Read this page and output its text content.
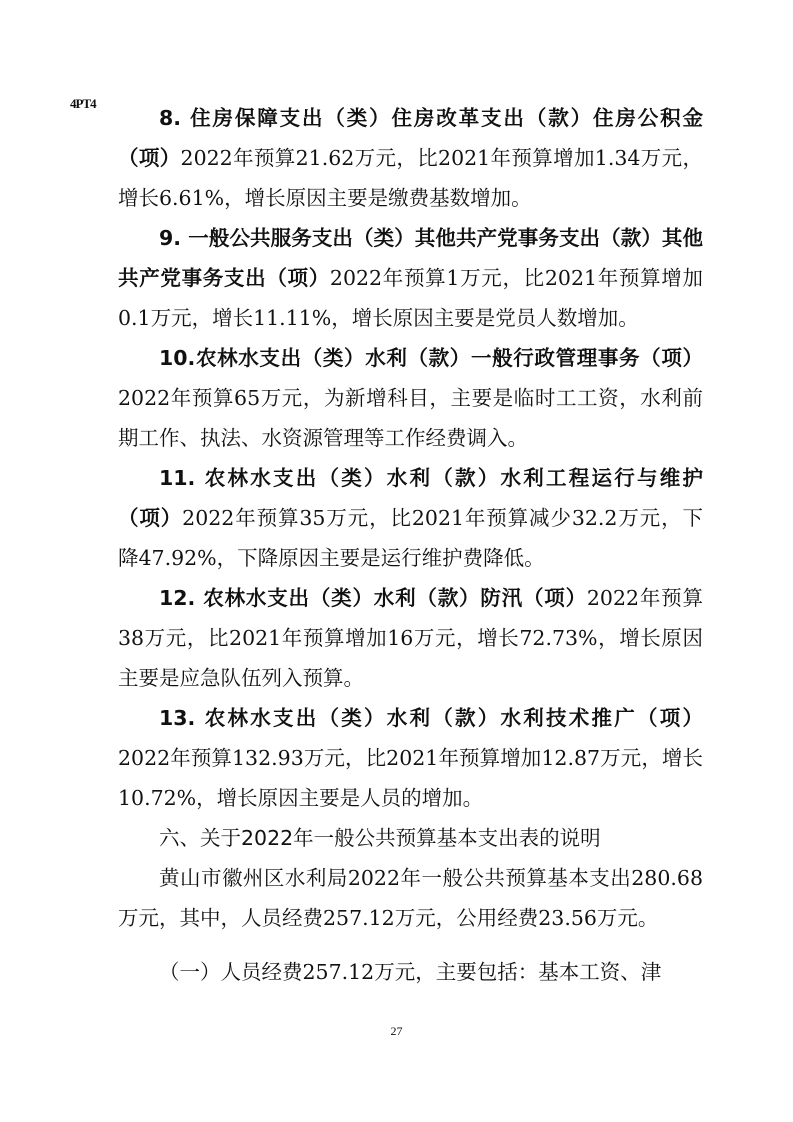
4PT4

8. 住房保障支出（类）住房改革支出（款）住房公积金（项）2022年预算21.62万元，比2021年预算增加1.34万元，增长6.61%，增长原因主要是缴费基数增加。

9. 一般公共服务支出（类）其他共产党事务支出（款）其他共产党事务支出（项）2022年预算1万元，比2021年预算增加0.1万元，增长11.11%，增长原因主要是党员人数增加。

10.农林水支出（类）水利（款）一般行政管理事务（项）2022年预算65万元，为新增科目，主要是临时工工资，水利前期工作、执法、水资源管理等工作经费调入。

11. 农林水支出（类）水利（款）水利工程运行与维护（项）2022年预算35万元，比2021年预算减少32.2万元，下降47.92%，下降原因主要是运行维护费降低。

12. 农林水支出（类）水利（款）防汛（项）2022年预算38万元，比2021年预算增加16万元，增长72.73%，增长原因主要是应急队伍列入预算。

13. 农林水支出（类）水利（款）水利技术推广（项）2022年预算132.93万元，比2021年预算增加12.87万元，增长10.72%，增长原因主要是人员的增加。

六、关于2022年一般公共预算基本支出表的说明

黄山市徽州区水利局2022年一般公共预算基本支出280.68万元，其中，人员经费257.12万元，公用经费23.56万元。

（一）人员经费257.12万元，主要包括：基本工资、津

27
